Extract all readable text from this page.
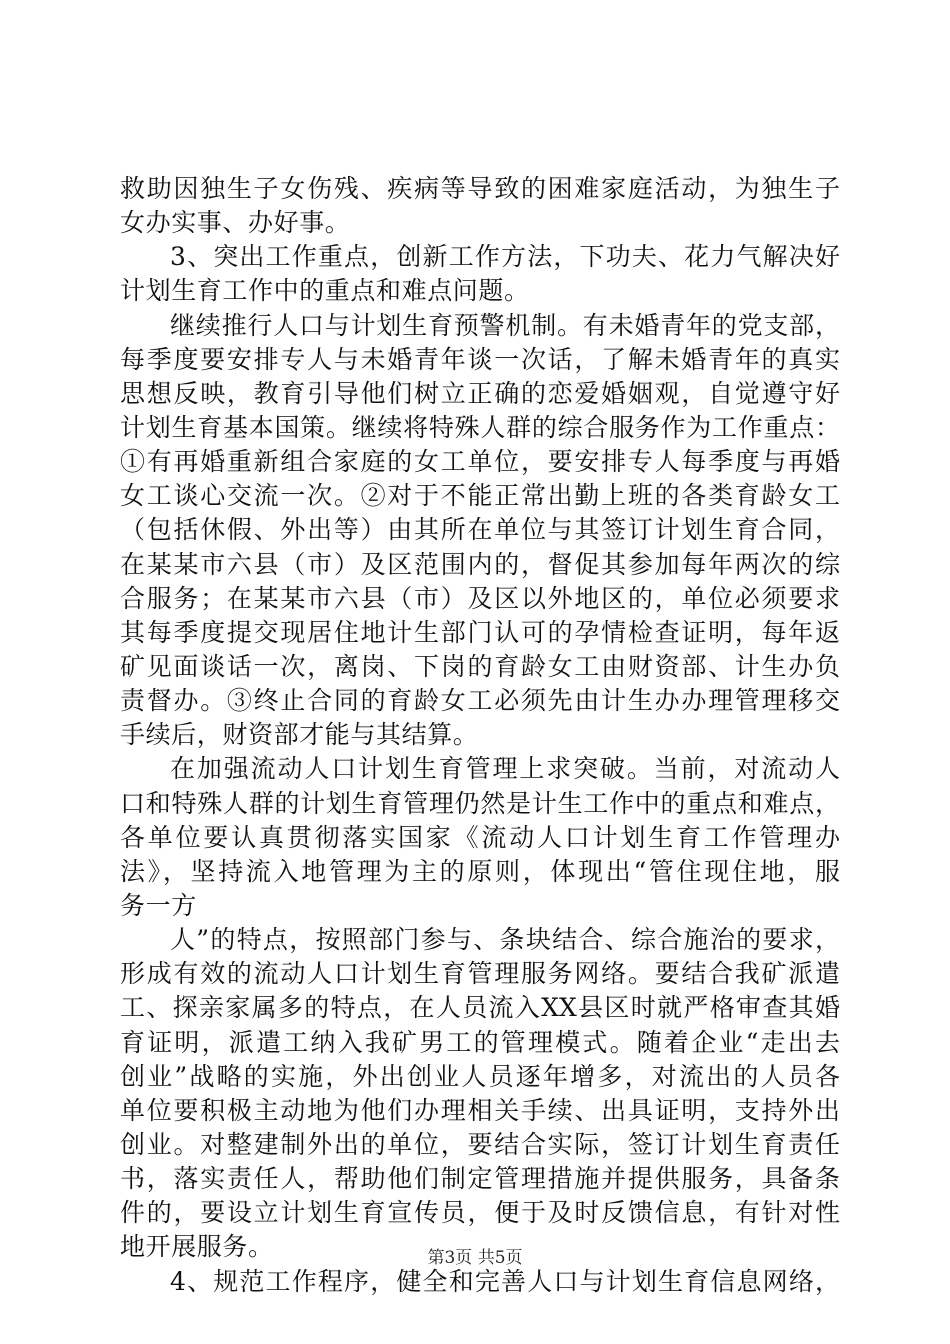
救助因独生子女伤残、疾病等导致的困难家庭活动，为独生子
女办实事、办好事。
3、突出工作重点，创新工作方法，下功夫、花力气解决好
计划生育工作中的重点和难点问题。
继续推行人口与计划生育预警机制。有未婚青年的党支部，
每季度要安排专人与未婚青年谈一次话，了解未婚青年的真实
思想反映，教育引导他们树立正确的恋爱婚姻观，自觉遵守好
计划生育基本国策。继续将特殊人群的综合服务作为工作重点：
①有再婚重新组合家庭的女工单位，要安排专人每季度与再婚
女工谈心交流一次。②对于不能正常出勤上班的各类育龄女工
（包括休假、外出等）由其所在单位与其签订计划生育合同，
在某某市六县（市）及区范围内的，督促其参加每年两次的综
合服务；在某某市六县（市）及区以外地区的，单位必须要求
其每季度提交现居住地计生部门认可的孕情检查证明，每年返
矿见面谈话一次，离岗、下岗的育龄女工由财资部、计生办负
责督办。③终止合同的育龄女工必须先由计生办办理管理移交
手续后，财资部才能与其结算。
在加强流动人口计划生育管理上求突破。当前，对流动人
口和特殊人群的计划生育管理仍然是计生工作中的重点和难点，
各单位要认真贯彻落实国家《流动人口计划生育工作管理办
法》，坚持流入地管理为主的原则，体现出“管住现住地，服
务一方
人”的特点，按照部门参与、条块结合、综合施治的要求，
形成有效的流动人口计划生育管理服务网络。要结合我矿派遣
工、探亲家属多的特点，在人员流入XX县区时就严格审查其婚
育证明，派遣工纳入我矿男工的管理模式。随着企业“走出去
创业”战略的实施，外出创业人员逐年增多，对流出的人员各
单位要积极主动地为他们办理相关手续、出具证明，支持外出
创业。对整建制外出的单位，要结合实际，签订计划生育责任
书，落实责任人，帮助他们制定管理措施并提供服务，具备条
件的，要设立计划生育宣传员，便于及时反馈信息，有针对性
地开展服务。
4、规范工作程序，健全和完善人口与计划生育信息网络，
第3页 共5页
